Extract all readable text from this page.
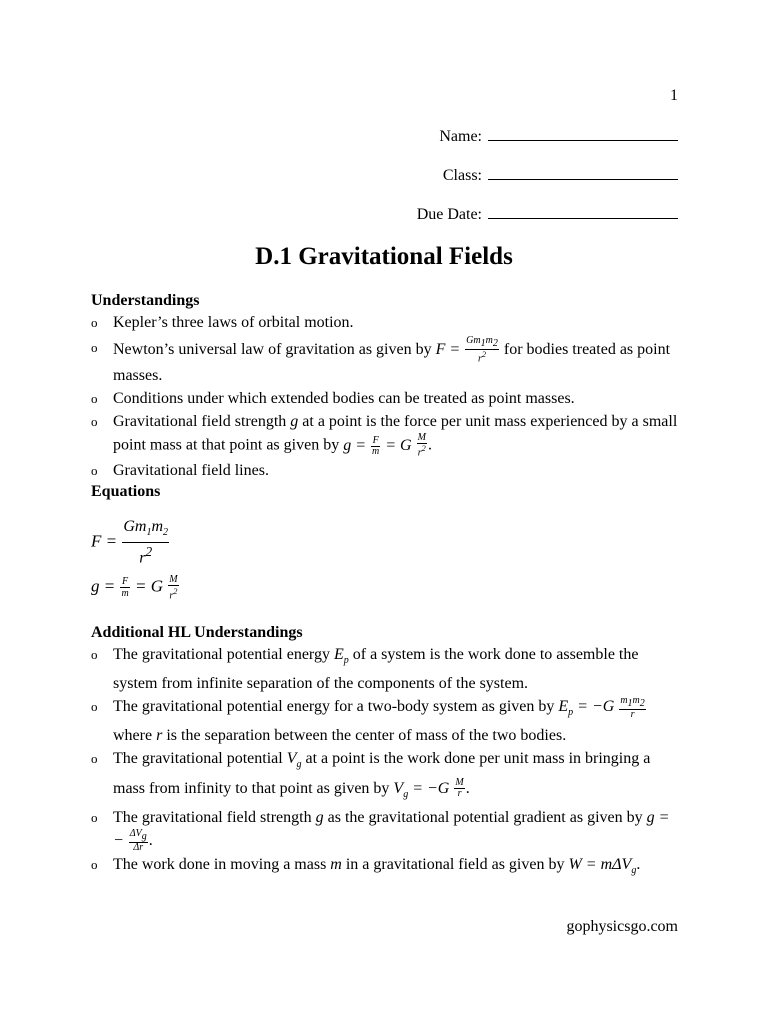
1
Name:
Class:
Due Date:
D.1 Gravitational Fields
Understandings
o Kepler’s three laws of orbital motion.
o Newton’s universal law of gravitation as given by $F = \frac{Gm_1m_2}{r^2}$ for bodies treated as point masses.
o Conditions under which extended bodies can be treated as point masses.
o Gravitational field strength g at a point is the force per unit mass experienced by a small point mass at that point as given by $g = \frac{F}{m} = G \frac{M}{r^2}$ .
o Gravitational field lines.
Equations
$F = \frac{Gm_1m_2}{r^2}$
$g = \frac{F}{m} = G \frac{M}{r^2}$
Additional HL Understandings
o The gravitational potential energy $E_p$ of a system is the work done to assemble the system from infinite separation of the components of the system.
o The gravitational potential energy for a two-body system as given by $E_p = -G \frac{m_1m_2}{r}$
where r is the separation between the center of mass of the two bodies.
o The gravitational potential $V_g$ at a point is the work done per unit mass in bringing a mass from infinity to that point as given by $V_g = -G \frac{M}{r}$ .
o The gravitational field strength g as the gravitational potential gradient as given by g = − $\frac{\Delta V_g}{\Delta r}$ .
o The work done in moving a mass m in a gravitational field as given by W = mΔV$_g$.
gophysicsgo.com
